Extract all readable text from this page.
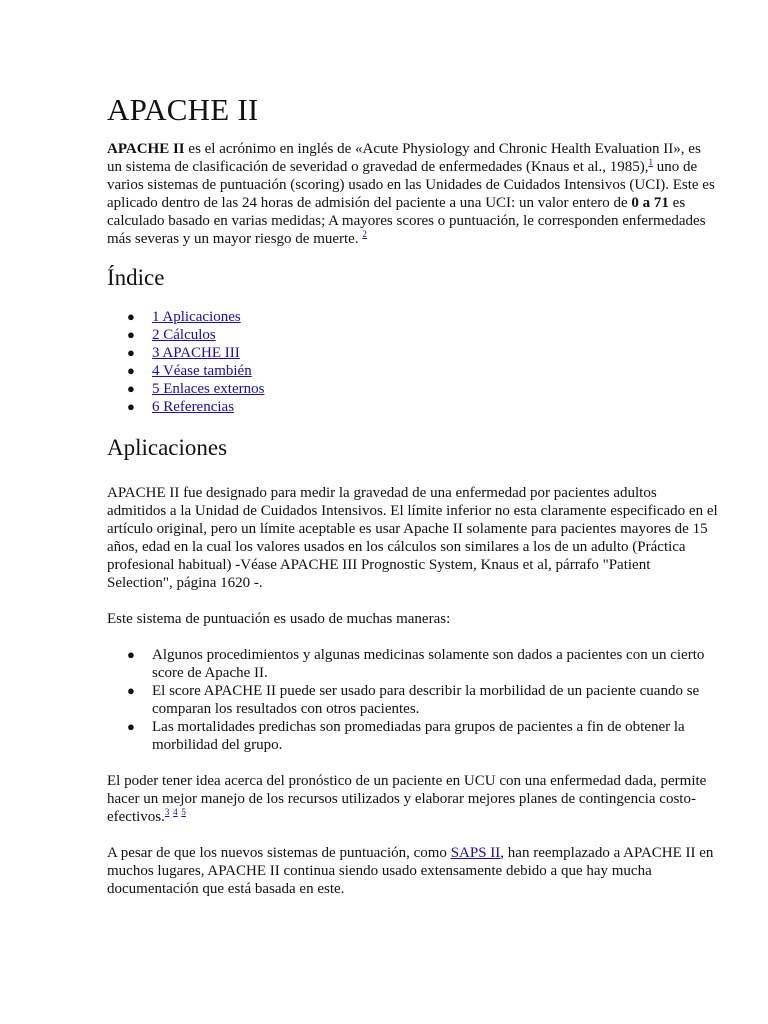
APACHE II

APACHE II es el acrónimo en inglés de «Acute Physiology and Chronic Health Evaluation II», es un sistema de clasificación de severidad o gravedad de enfermedades (Knaus et al., 1985),$^1$ uno de varios sistemas de puntuación (scoring) usado en las Unidades de Cuidados Intensivos (UCI). Este es aplicado dentro de las 24 horas de admisión del paciente a una UCI: un valor entero de 0 a 71 es calculado basado en varias medidas; A mayores scores o puntuación, le corresponden enfermedades más severas y un mayor riesgo de muerte. $^2$

Índice
● 1 Aplicaciones
● 2 Cálculos
● 3 APACHE III
● 4 Véase también
● 5 Enlaces externos
● 6 Referencias
Aplicaciones

APACHE II fue designado para medir la gravedad de una enfermedad por pacientes adultos admitidos a la Unidad de Cuidados Intensivos. El límite inferior no esta claramente especificado en el artículo original, pero un límite aceptable es usar Apache II solamente para pacientes mayores de 15 años, edad en la cual los valores usados en los cálculos son similares a los de un adulto (Práctica profesional habitual) -Véase APACHE III Prognostic System, Knaus et al, párrafo "Patient Selection", página 1620 -.

Este sistema de puntuación es usado de muchas maneras:

● Algunos procedimientos y algunas medicinas solamente son dados a pacientes con un cierto score de Apache II.
● El score APACHE II puede ser usado para describir la morbilidad de un paciente cuando se comparan los resultados con otros pacientes.
● Las mortalidades predichas son promediadas para grupos de pacientes a fin de obtener la morbilidad del grupo.

El poder tener idea acerca del pronóstico de un paciente en UCU con una enfermedad dada, permite hacer un mejor manejo de los recursos utilizados y elaborar mejores planes de contingencia costo-efectivos.$^3$ $^4$ $^5$

A pesar de que los nuevos sistemas de puntuación, como SAPS II, han reemplazado a APACHE II en muchos lugares, APACHE II continua siendo usado extensamente debido a que hay mucha documentación que está basada en este.
